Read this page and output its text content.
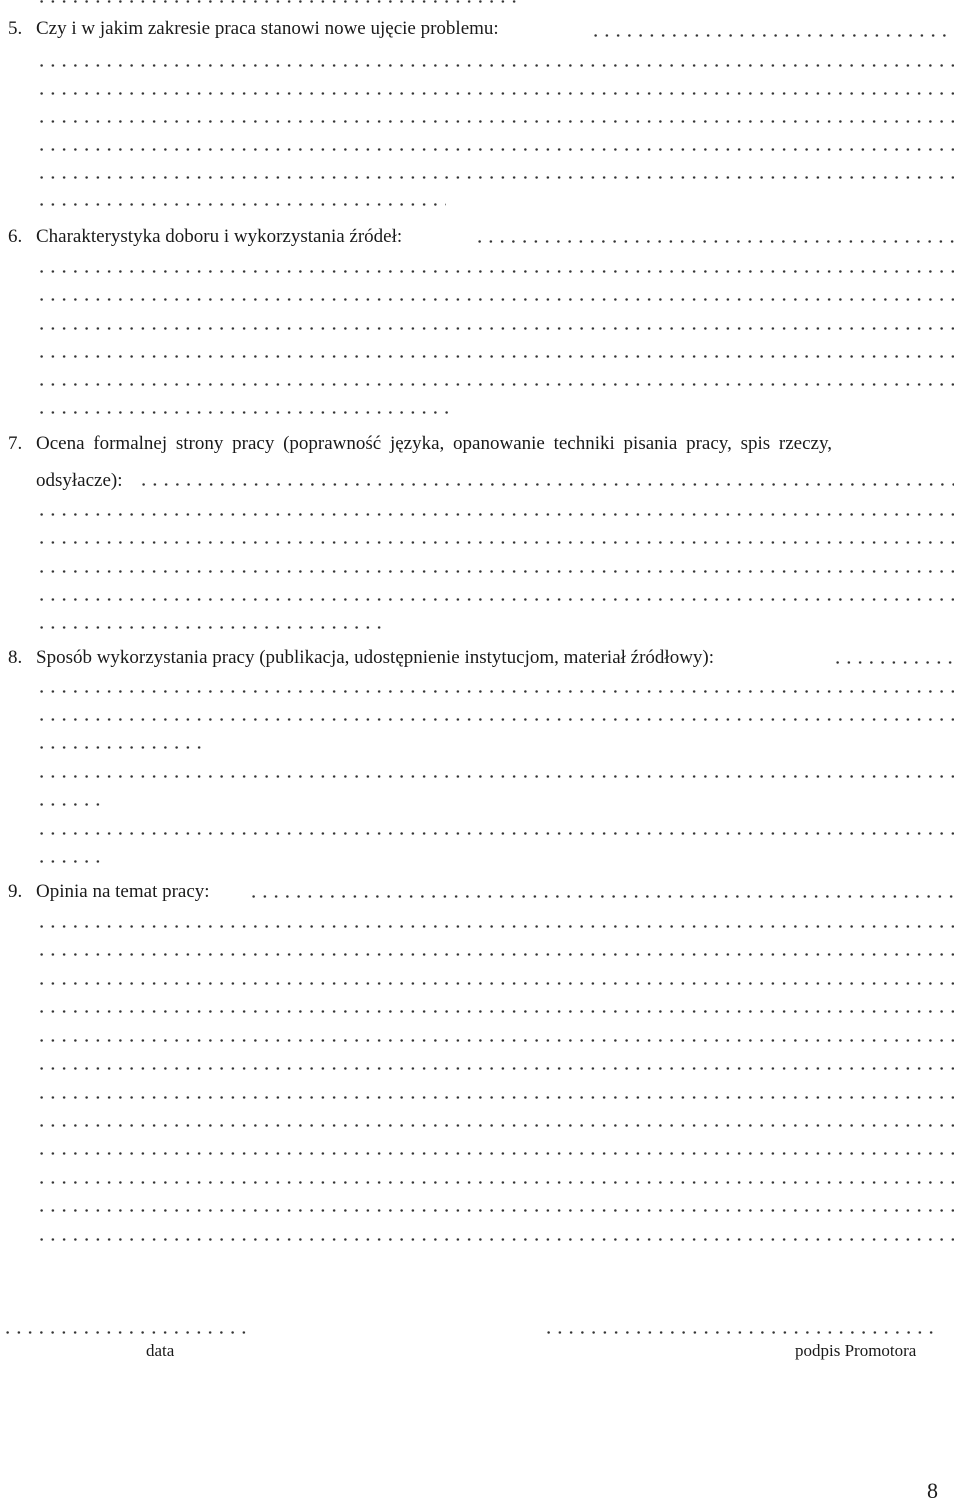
5. Czy i w jakim zakresie praca stanowi nowe ujęcie problemu:
6. Charakterystyka doboru i wykorzystania źródeł:
7. Ocena formalnej strony pracy (poprawność języka, opanowanie techniki pisania pracy, spis rzeczy,
odsyłacze):
8. Sposób wykorzystania pracy (publikacja, udostępnienie instytucjom, materiał źródłowy):
9. Opinia na temat pracy:
data	podpis Promotora
8
